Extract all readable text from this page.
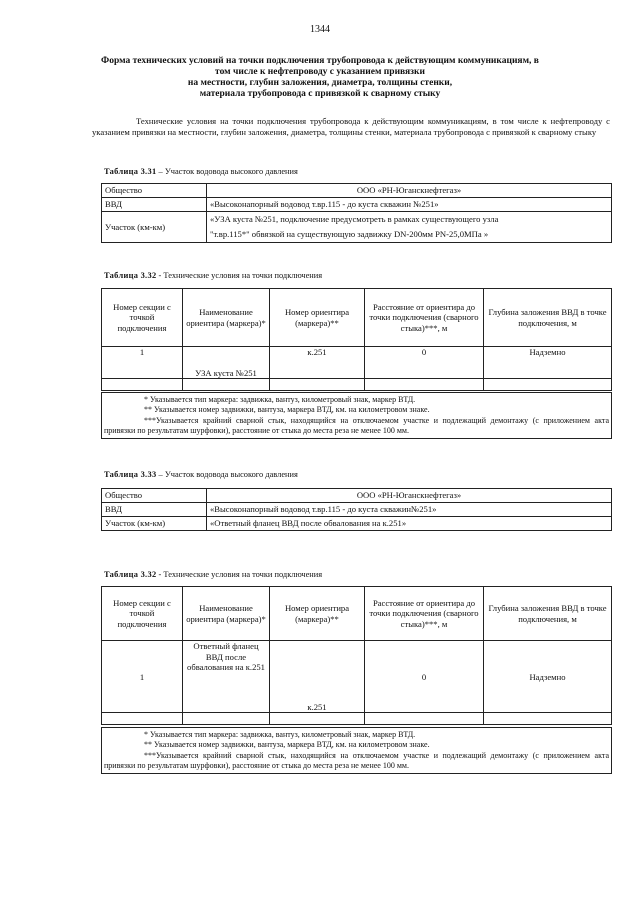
1344
Форма технических условий на точки подключения трубопровода к действующим коммуникациям, в
том числе к нефтепроводу с указанием привязки
на местности, глубин заложения, диаметра, толщины стенки,
материала трубопровода с привязкой к сварному стыку
Технические условия на точки подключения трубопровода к действующим коммуникациям, в том числе к нефтепроводу с указанием привязки на местности, глубин заложения, диаметра, толщины стенки, материала трубопровода с привязкой к сварному стыку
Таблица 3.31 – Участок водовода высокого давления
Общество	ООО «РН-Юганскнефтегаз»
ВВД	«Высоконапорный водовод т.вр.115 - до куста скважин №251»
Участок (км-км)	«УЗА куста №251, подключение предусмотреть в рамках существующего узла
"т.вр.115*" обвязкой на существующую задвижку DN-200мм PN-25,0МПа »
Таблица 3.32 - Технические условия на точки подключения
Номер секции с точкой подключения	Наименование ориентира (маркера)*	Номер ориентира (маркера)**	Расстояние от ориентира до точки подключения (сварного стыка)***, м	Глубина заложения ВВД в точке подключения, м
1	УЗА куста №251	к.251	0	Надземно

* Указывается тип маркера: задвижка, вантуз, километровый знак, маркер ВТД.

** Указывается номер задвижки, вантуза, маркера ВТД, км. на километровом знаке.

***Указывается крайний сварной стык, находящийся на отключаемом участке и подлежащий демонтажу (с приложением акта привязки по результатам шурфовки), расстояние от стыка до места реза не менее 100 мм.

Таблица 3.33 – Участок водовода высокого давления
Общество	ООО «РН-Юганскнефтегаз»
ВВД	«Высоконапорный водовод т.вр.115 - до куста скважин№251»
Участок (км-км)	«Ответный фланец ВВД после обвалования на к.251»
Таблица 3.32 - Технические условия на точки подключения
Номер секции с точкой подключения	Наименование ориентира (маркера)*	Номер ориентира (маркера)**	Расстояние от ориентира до точки подключения (сварного стыка)***, м	Глубина заложения ВВД в точке подключения, м
1	Ответный фланец ВВД после обвалования на к.251	к.251	0	Надземно

* Указывается тип маркера: задвижка, вантуз, километровый знак, маркер ВТД.

** Указывается номер задвижки, вантуза, маркера ВТД, км. на километровом знаке.

***Указывается крайний сварной стык, находящийся на отключаемом участке и подлежащий демонтажу (с приложением акта привязки по результатам шурфовки), расстояние от стыка до места реза не менее 100 мм.
